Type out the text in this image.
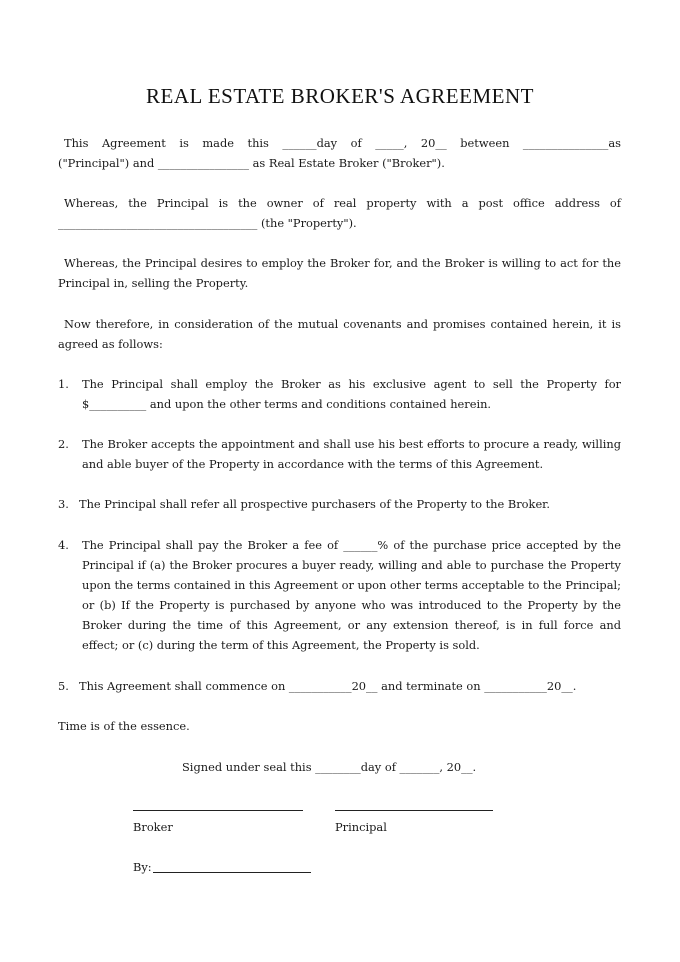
REAL ESTATE BROKER'S AGREEMENT
This Agreement is made this ______day of _____, 20__ between _______________as
("Principal") and ________________ as Real Estate Broker ("Broker").
Whereas, the Principal is the owner of real property with a post office address of
___________________________________ (the "Property").
Whereas, the Principal desires to employ the Broker for, and the Broker is willing to act for the Principal in, selling the Property.
Now therefore, in consideration of the mutual covenants and promises contained herein, it is agreed as follows:
1. The Principal shall employ the Broker as his exclusive agent to sell the Property for $__________ and upon the other terms and conditions contained herein.
2. The Broker accepts the appointment and shall use his best efforts to procure a ready, willing and able buyer of the Property in accordance with the terms of this Agreement.
3. The Principal shall refer all prospective purchasers of the Property to the Broker.
4. The Principal shall pay the Broker a fee of ______% of the purchase price accepted by the Principal if (a) the Broker procures a buyer ready, willing and able to purchase the Property upon the terms contained in this Agreement or upon other terms acceptable to the Principal; or (b) If the Property is purchased by anyone who was introduced to the Property by the Broker during the time of this Agreement, or any extension thereof, is in full force and effect; or (c) during the term of this Agreement, the Property is sold.
5. This Agreement shall commence on ___________20__ and terminate on ___________20__.
Time is of the essence.
Signed under seal this ________day of _______, 20__.
Broker	Principal
By:
